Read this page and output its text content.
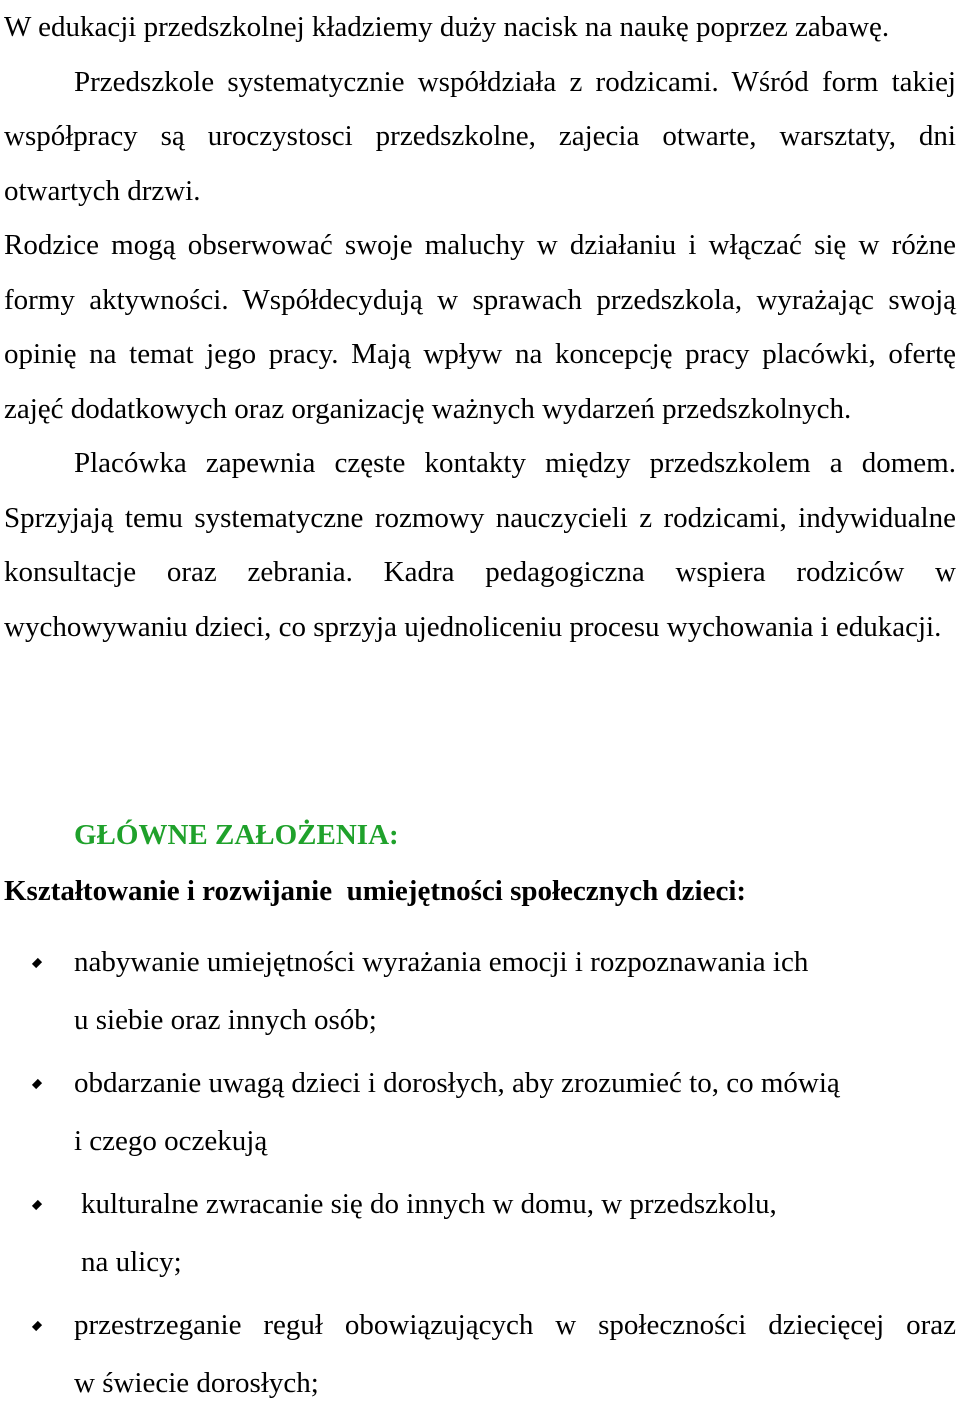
W edukacji przedszkolnej kładziemy duży nacisk na naukę poprzez zabawę.

Przedszkole systematycznie współdziała z rodzicami. Wśród form takiej współpracy są uroczystosci przedszkolne, zajecia otwarte, warsztaty, dni otwartych drzwi.

Rodzice mogą obserwować swoje maluchy w działaniu i włączać się w różne formy aktywności. Współdecydują w sprawach przedszkola, wyrażając swoją opinię na temat jego pracy. Mają wpływ na koncepcję pracy placówki, ofertę zajęć dodatkowych oraz organizację ważnych wydarzeń przedszkolnych.

Placówka zapewnia częste kontakty między przedszkolem a domem. Sprzyjają temu systematyczne rozmowy nauczycieli z rodzicami, indywidualne konsultacje oraz zebrania. Kadra pedagogiczna wspiera rodziców w wychowywaniu dzieci, co sprzyja ujednoliceniu procesu wychowania i edukacji.

GŁÓWNE ZAŁOŻENIA:

Kształtowanie i rozwijanie  umiejętności społecznych dzieci:

nabywanie umiejętności wyrażania emocji i rozpoznawania ich
u siebie oraz innych osób;
obdarzanie uwagą dzieci i dorosłych, aby zrozumieć to, co mówią
i czego oczekują
kulturalne zwracanie się do innych w domu, w przedszkolu,
na ulicy;
przestrzeganie reguł obowiązujących w społeczności dziecięcej oraz
w świecie dorosłych;
